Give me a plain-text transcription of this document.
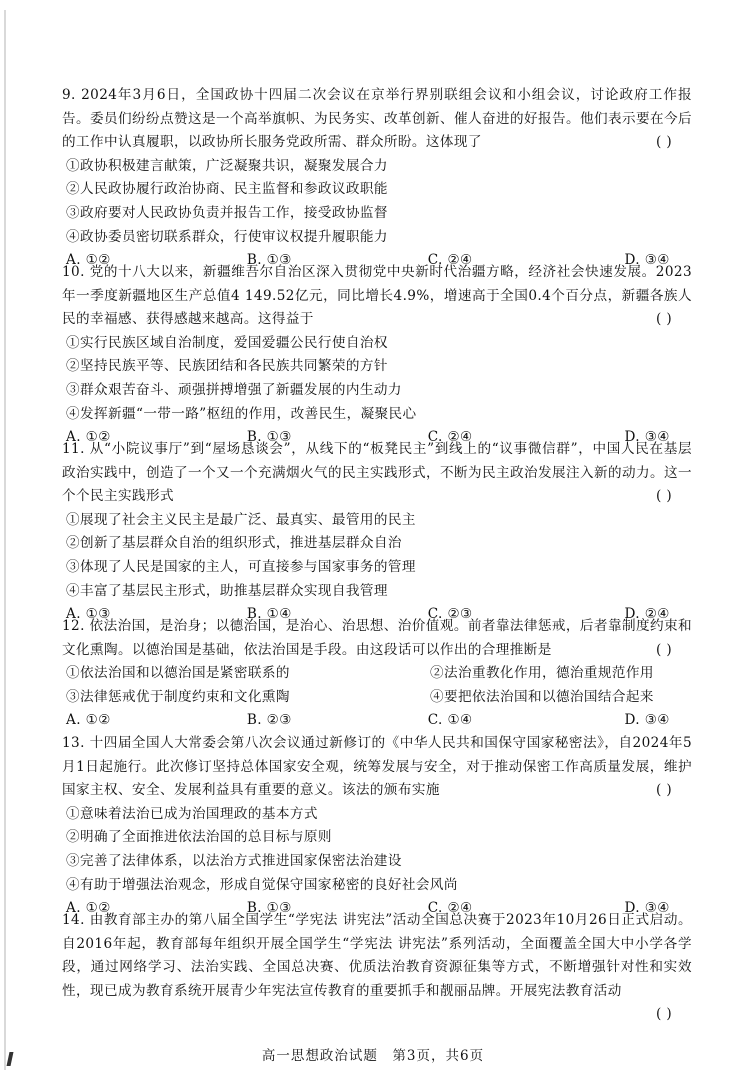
9. 2024年3月6日，全国政协十四届二次会议在京举行界别联组会议和小组会议，讨论政府工作报告。委员们纷纷点赞这是一个高举旗帜、为民务实、改革创新、催人奋进的好报告。他们表示要在今后的工作中认真履职，以政协所长服务党政所需、群众所盼。这体现了	( )
①政协积极建言献策，广泛凝聚共识，凝聚发展合力
②人民政协履行政治协商、民主监督和参政议政职能
③政府要对人民政协负责并报告工作，接受政协监督
④政协委员密切联系群众，行使审议权提升履职能力
A. ①②	B. ①③	C. ②④	D. ③④
10. 党的十八大以来，新疆维吾尔自治区深入贯彻党中央新时代治疆方略，经济社会快速发展。2023年一季度新疆地区生产总值4 149.52亿元，同比增长4.9%，增速高于全国0.4个百分点，新疆各族人民的幸福感、获得感越来越高。这得益于	( )
①实行民族区域自治制度，爱国爱疆公民行使自治权
②坚持民族平等、民族团结和各民族共同繁荣的方针
③群众艰苦奋斗、顽强拼搏增强了新疆发展的内生动力
④发挥新疆“一带一路”枢纽的作用，改善民生，凝聚民心
A. ①②	B. ①③	C. ②④	D. ③④
11. 从“小院议事厅”到“屋场恳谈会”，从线下的“板凳民主”到线上的“议事微信群”，中国人民在基层政治实践中，创造了一个又一个充满烟火气的民主实践形式，不断为民主政治发展注入新的动力。这一个个民主实践形式	( )
①展现了社会主义民主是最广泛、最真实、最管用的民主
②创新了基层群众自治的组织形式，推进基层群众自治
③体现了人民是国家的主人，可直接参与国家事务的管理
④丰富了基层民主形式，助推基层群众实现自我管理
A. ①③	B. ①④	C. ②③	D. ②④
12. 依法治国，是治身；以德治国，是治心、治思想、治价值观。前者靠法律惩戒，后者靠制度约束和文化熏陶。以德治国是基础，依法治国是手段。由这段话可以作出的合理推断是	( )
①依法治国和以德治国是紧密联系的	②法治重教化作用，德治重规范作用
③法律惩戒优于制度约束和文化熏陶	④要把依法治国和以德治国结合起来
A. ①②	B. ②③	C. ①④	D. ③④
13. 十四届全国人大常委会第八次会议通过新修订的《中华人民共和国保守国家秘密法》，自2024年5月1日起施行。此次修订坚持总体国家安全观，统筹发展与安全，对于推动保密工作高质量发展，维护国家主权、安全、发展利益具有重要的意义。该法的颁布实施	( )
①意味着法治已成为治国理政的基本方式
②明确了全面推进依法治国的总目标与原则
③完善了法律体系，以法治方式推进国家保密法治建设
④有助于增强法治观念，形成自觉保守国家秘密的良好社会风尚
A. ①②	B. ①③	C. ②④	D. ③④
14. 由教育部主办的第八届全国学生“学宪法 讲宪法”活动全国总决赛于2023年10月26日正式启动。自2016年起，教育部每年组织开展全国学生“学宪法 讲宪法”系列活动，全面覆盖全国大中小学各学段，通过网络学习、法治实践、全国总决赛、优质法治教育资源征集等方式，不断增强针对性和实效性，现已成为教育系统开展青少年宪法宣传教育的重要抓手和靓丽品牌。开展宪法教育活动
( )

高一思想政治试题　第3页，共6页
